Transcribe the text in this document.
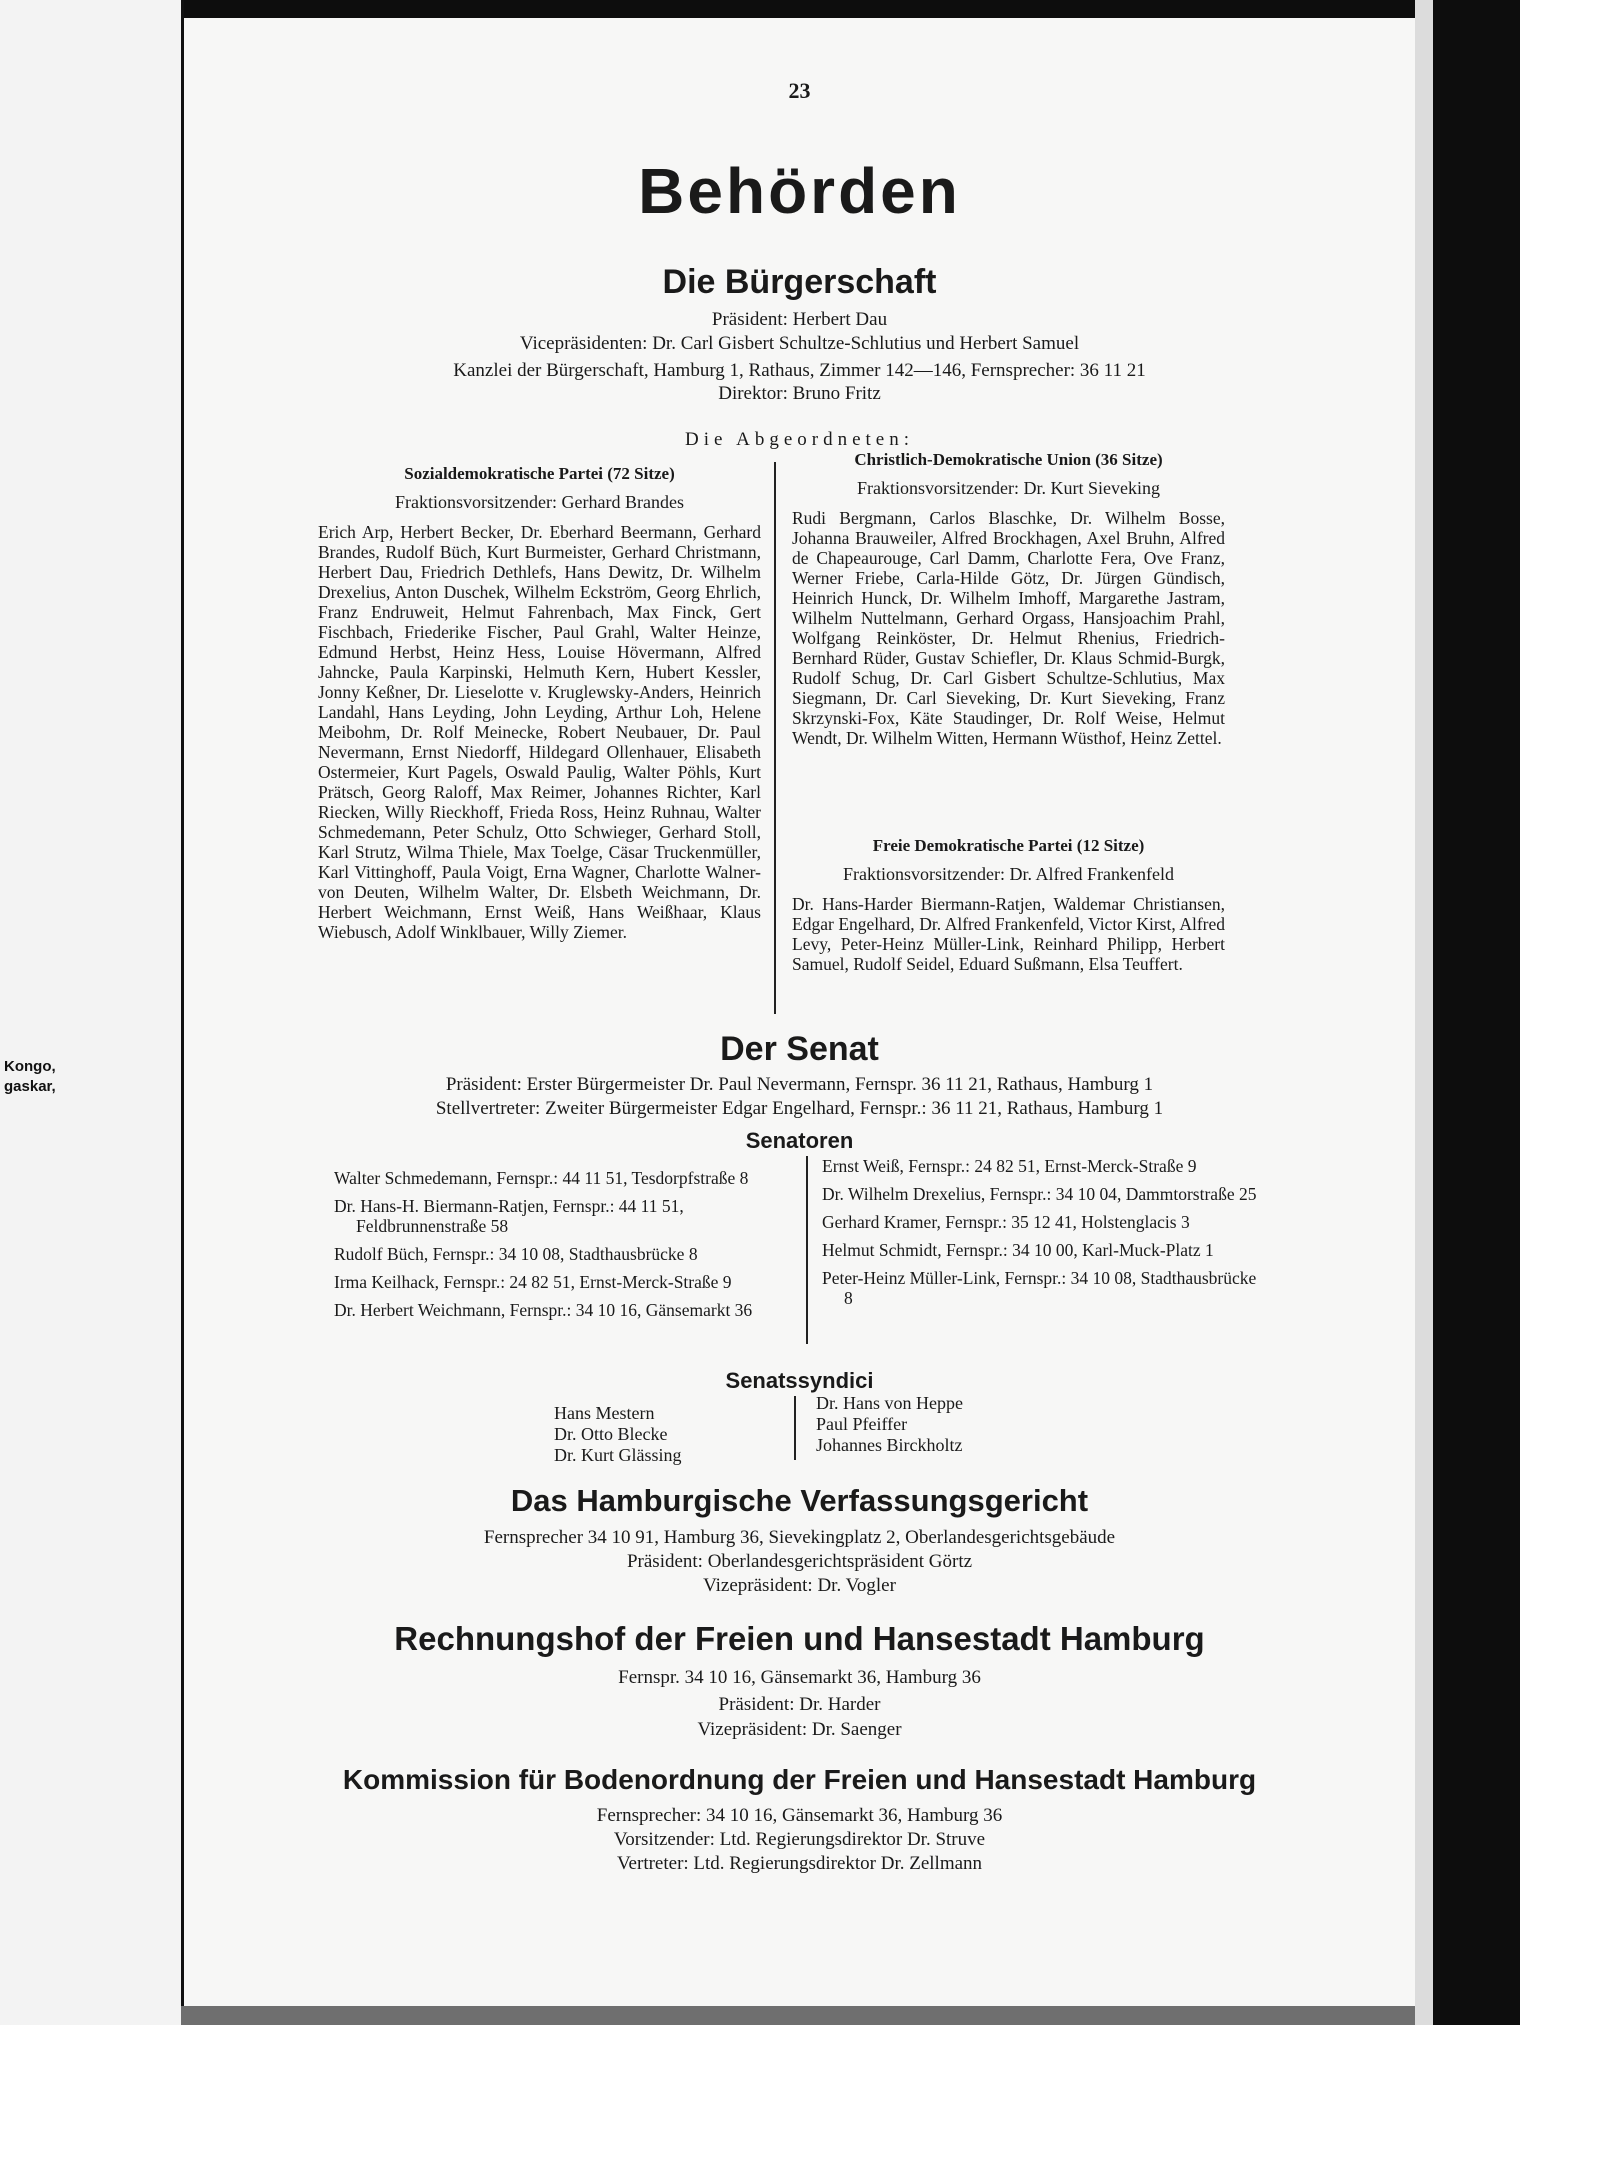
Kongo,
gaskar,
23
Behörden
Die Bürgerschaft
Präsident: Herbert Dau
Vicepräsidenten: Dr. Carl Gisbert Schultze-Schlutius und Herbert Samuel
Kanzlei der Bürgerschaft, Hamburg 1, Rathaus, Zimmer 142—146, Fernsprecher: 36 11 21
Direktor: Bruno Fritz
Die Abgeordneten:
Sozialdemokratische Partei (72 Sitze)
Fraktionsvorsitzender: Gerhard Brandes
Erich Arp, Herbert Becker, Dr. Eberhard Beermann, Gerhard Brandes, Rudolf Büch, Kurt Burmeister, Gerhard Christmann, Herbert Dau, Friedrich Dethlefs, Hans Dewitz, Dr. Wilhelm Drexelius, Anton Duschek, Wilhelm Eckström, Georg Ehrlich, Franz Endruweit, Helmut Fahrenbach, Max Finck, Gert Fischbach, Friederike Fischer, Paul Grahl, Walter Heinze, Edmund Herbst, Heinz Hess, Louise Hövermann, Alfred Jahncke, Paula Karpinski, Helmuth Kern, Hubert Kessler, Jonny Keßner, Dr. Lieselotte v. Kruglewsky-Anders, Heinrich Landahl, Hans Leyding, John Leyding, Arthur Loh, Helene Meibohm, Dr. Rolf Meinecke, Robert Neubauer, Dr. Paul Nevermann, Ernst Niedorff, Hildegard Ollenhauer, Elisabeth Ostermeier, Kurt Pagels, Oswald Paulig, Walter Pöhls, Kurt Prätsch, Georg Raloff, Max Reimer, Johannes Richter, Karl Riecken, Willy Rieckhoff, Frieda Ross, Heinz Ruhnau, Walter Schmedemann, Peter Schulz, Otto Schwieger, Gerhard Stoll, Karl Strutz, Wilma Thiele, Max Toelge, Cäsar Truckenmüller, Karl Vittinghoff, Paula Voigt, Erna Wagner, Charlotte Walner-von Deuten, Wilhelm Walter, Dr. Elsbeth Weichmann, Dr. Herbert Weichmann, Ernst Weiß, Hans Weißhaar, Klaus Wiebusch, Adolf Winklbauer, Willy Ziemer.
Christlich-Demokratische Union (36 Sitze)
Fraktionsvorsitzender: Dr. Kurt Sieveking
Rudi Bergmann, Carlos Blaschke, Dr. Wilhelm Bosse, Johanna Brauweiler, Alfred Brockhagen, Axel Bruhn, Alfred de Chapeaurouge, Carl Damm, Charlotte Fera, Ove Franz, Werner Friebe, Carla-Hilde Götz, Dr. Jürgen Gündisch, Heinrich Hunck, Dr. Wilhelm Imhoff, Margarethe Jastram, Wilhelm Nuttelmann, Gerhard Orgass, Hansjoachim Prahl, Wolfgang Reinköster, Dr. Helmut Rhenius, Friedrich-Bernhard Rüder, Gustav Schiefler, Dr. Klaus Schmid-Burgk, Rudolf Schug, Dr. Carl Gisbert Schultze-Schlutius, Max Siegmann, Dr. Carl Sieveking, Dr. Kurt Sieveking, Franz Skrzynski-Fox, Käte Staudinger, Dr. Rolf Weise, Helmut Wendt, Dr. Wilhelm Witten, Hermann Wüsthof, Heinz Zettel.
Freie Demokratische Partei (12 Sitze)
Fraktionsvorsitzender: Dr. Alfred Frankenfeld
Dr. Hans-Harder Biermann-Ratjen, Waldemar Christiansen, Edgar Engelhard, Dr. Alfred Frankenfeld, Victor Kirst, Alfred Levy, Peter-Heinz Müller-Link, Reinhard Philipp, Herbert Samuel, Rudolf Seidel, Eduard Sußmann, Elsa Teuffert.
Der Senat
Präsident: Erster Bürgermeister Dr. Paul Nevermann, Fernspr. 36 11 21, Rathaus, Hamburg 1
Stellvertreter: Zweiter Bürgermeister Edgar Engelhard, Fernspr.: 36 11 21, Rathaus, Hamburg 1
Senatoren
Walter Schmedemann, Fernspr.: 44 11 51, Tesdorpfstraße 8
Dr. Hans-H. Biermann-Ratjen, Fernspr.: 44 11 51, Feldbrunnenstraße 58
Rudolf Büch, Fernspr.: 34 10 08, Stadthausbrücke 8
Irma Keilhack, Fernspr.: 24 82 51, Ernst-Merck-Straße 9
Dr. Herbert Weichmann, Fernspr.: 34 10 16, Gänsemarkt 36
Ernst Weiß, Fernspr.: 24 82 51, Ernst-Merck-Straße 9
Dr. Wilhelm Drexelius, Fernspr.: 34 10 04, Dammtorstraße 25
Gerhard Kramer, Fernspr.: 35 12 41, Holstenglacis 3
Helmut Schmidt, Fernspr.: 34 10 00, Karl-Muck-Platz 1
Peter-Heinz Müller-Link, Fernspr.: 34 10 08, Stadthausbrücke 8
Senatssyndici
Hans Mestern
Dr. Otto Blecke
Dr. Kurt Glässing
Dr. Hans von Heppe
Paul Pfeiffer
Johannes Birckholtz
Das Hamburgische Verfassungsgericht
Fernsprecher 34 10 91, Hamburg 36, Sievekingplatz 2, Oberlandesgerichtsgebäude
Präsident: Oberlandesgerichtspräsident Görtz
Vizepräsident: Dr. Vogler
Rechnungshof der Freien und Hansestadt Hamburg
Fernspr. 34 10 16, Gänsemarkt 36, Hamburg 36
Präsident: Dr. Harder
Vizepräsident: Dr. Saenger
Kommission für Bodenordnung der Freien und Hansestadt Hamburg
Fernsprecher: 34 10 16, Gänsemarkt 36, Hamburg 36
Vorsitzender: Ltd. Regierungsdirektor Dr. Struve
Vertreter: Ltd. Regierungsdirektor Dr. Zellmann
